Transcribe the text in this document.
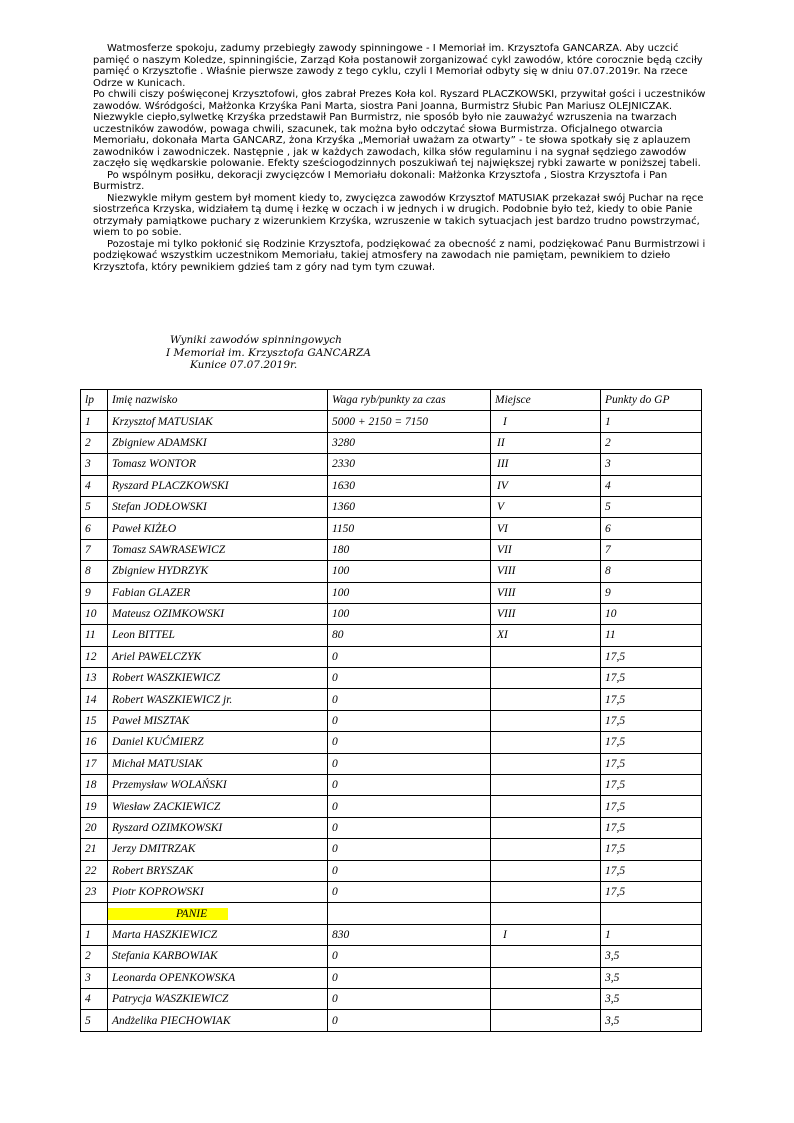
Watmosferze spokoju, zadumy przebiegły zawody spinningowe - I Memoriał im. Krzysztofa GANCARZA. Aby uczcić pamięć o naszym Koledze, spinningiście, Zarząd Koła postanowił zorganizować cykl zawodów, które corocznie będą czciły pamięć o Krzysztofie . Właśnie pierwsze zawody z tego cyklu, czyli I Memoriał odbyty się w dniu 07.07.2019r. Na rzece Odrze w Kunicach.

Po chwili ciszy poświęconej Krzysztofowi, głos zabrał Prezes Koła kol. Ryszard PLACZKOWSKI, przywitał gości i uczestników zawodów. Wśródgości, Małżonka Krzyśka Pani Marta, siostra Pani Joanna, Burmistrz Słubic Pan Mariusz OLEJNICZAK. Niezwykle ciepło,sylwetkę Krzyśka przedstawił Pan Burmistrz, nie sposób było nie zauważyć wzruszenia na twarzach uczestników zawodów, powaga chwili, szacunek, tak można było odczytać słowa Burmistrza. Oficjalnego otwarcia Memoriału, dokonała Marta GANCARZ, żona Krzyśka „Memoriał uważam za otwarty” - te słowa spotkały się z aplauzem zawodników i zawodniczek. Następnie , jak w każdych zawodach, kilka słów regulaminu i na sygnał sędziego zawodów zaczęło się wędkarskie polowanie. Efekty sześciogodzinnych poszukiwań tej największej rybki zawarte w poniższej tabeli.

Po wspólnym posiłku, dekoracji zwycięzców I Memoriału dokonali: Małżonka Krzysztofa , Siostra Krzysztofa i Pan Burmistrz.

Niezwykle miłym gestem był moment kiedy to, zwycięzca zawodów Krzysztof MATUSIAK przekazał swój Puchar na ręce siostrzeńca Krzyska, widziałem tą dumę i łezkę w oczach i w jednych i w drugich. Podobnie było też, kiedy to obie Panie otrzymały pamiątkowe puchary z wizerunkiem Krzyśka, wzruszenie w takich sytuacjach jest bardzo trudno powstrzymać, wiem to po sobie.

Pozostaje mi tylko pokłonić się Rodzinie Krzysztofa, podziękować za obecność z nami, podziękować Panu Burmistrzowi i podziękować wszystkim uczestnikom Memoriału, takiej atmosfery na zawodach nie pamiętam, pewnikiem to dzieło Krzysztofa, który pewnikiem gdzieś tam z góry nad tym tym czuwał.

Wyniki zawodów spinningowych
I Memoriał im. Krzysztofa GANCARZA
Kunice 07.07.2019r.
lp	Imię nazwisko	Waga ryb/punkty za czas	Miejsce	Punkty do GP
1	Krzysztof MATUSIAK	5000 + 2150 = 7150	I	1
2	Zbigniew ADAMSKI	3280	II	2
3	Tomasz WONTOR	2330	III	3
4	Ryszard PLACZKOWSKI	1630	IV	4
5	Stefan JODŁOWSKI	1360	V	5
6	Paweł KIŻŁO	1150	VI	6
7	Tomasz SAWRASEWICZ	180	VII	7
8	Zbigniew HYDRZYK	100	VIII	8
9	Fabian GLAZER	100	VIII	9
10	Mateusz OZIMKOWSKI	100	VIII	10
11	Leon BITTEL	80	XI	11
12	Ariel PAWELCZYK	0		17,5
13	Robert WASZKIEWICZ	0		17,5
14	Robert WASZKIEWICZ jr.	0		17,5
15	Paweł MISZTAK	0		17,5
16	Daniel KUĆMIERZ	0		17,5
17	Michał MATUSIAK	0		17,5
18	Przemysław WOLAŃSKI	0		17,5
19	Wiesław ZACKIEWICZ	0		17,5
20	Ryszard OZIMKOWSKI	0		17,5
21	Jerzy DMITRZAK	0		17,5
22	Robert BRYSZAK	0		17,5
23	Piotr KOPROWSKI	0		17,5
	PANIE			
1	Marta HASZKIEWICZ	830	I	1
2	Stefania KARBOWIAK	0		3,5
3	Leonarda OPENKOWSKA	0		3,5
4	Patrycja WASZKIEWICZ	0		3,5
5	Andżelika PIECHOWIAK	0		3,5
